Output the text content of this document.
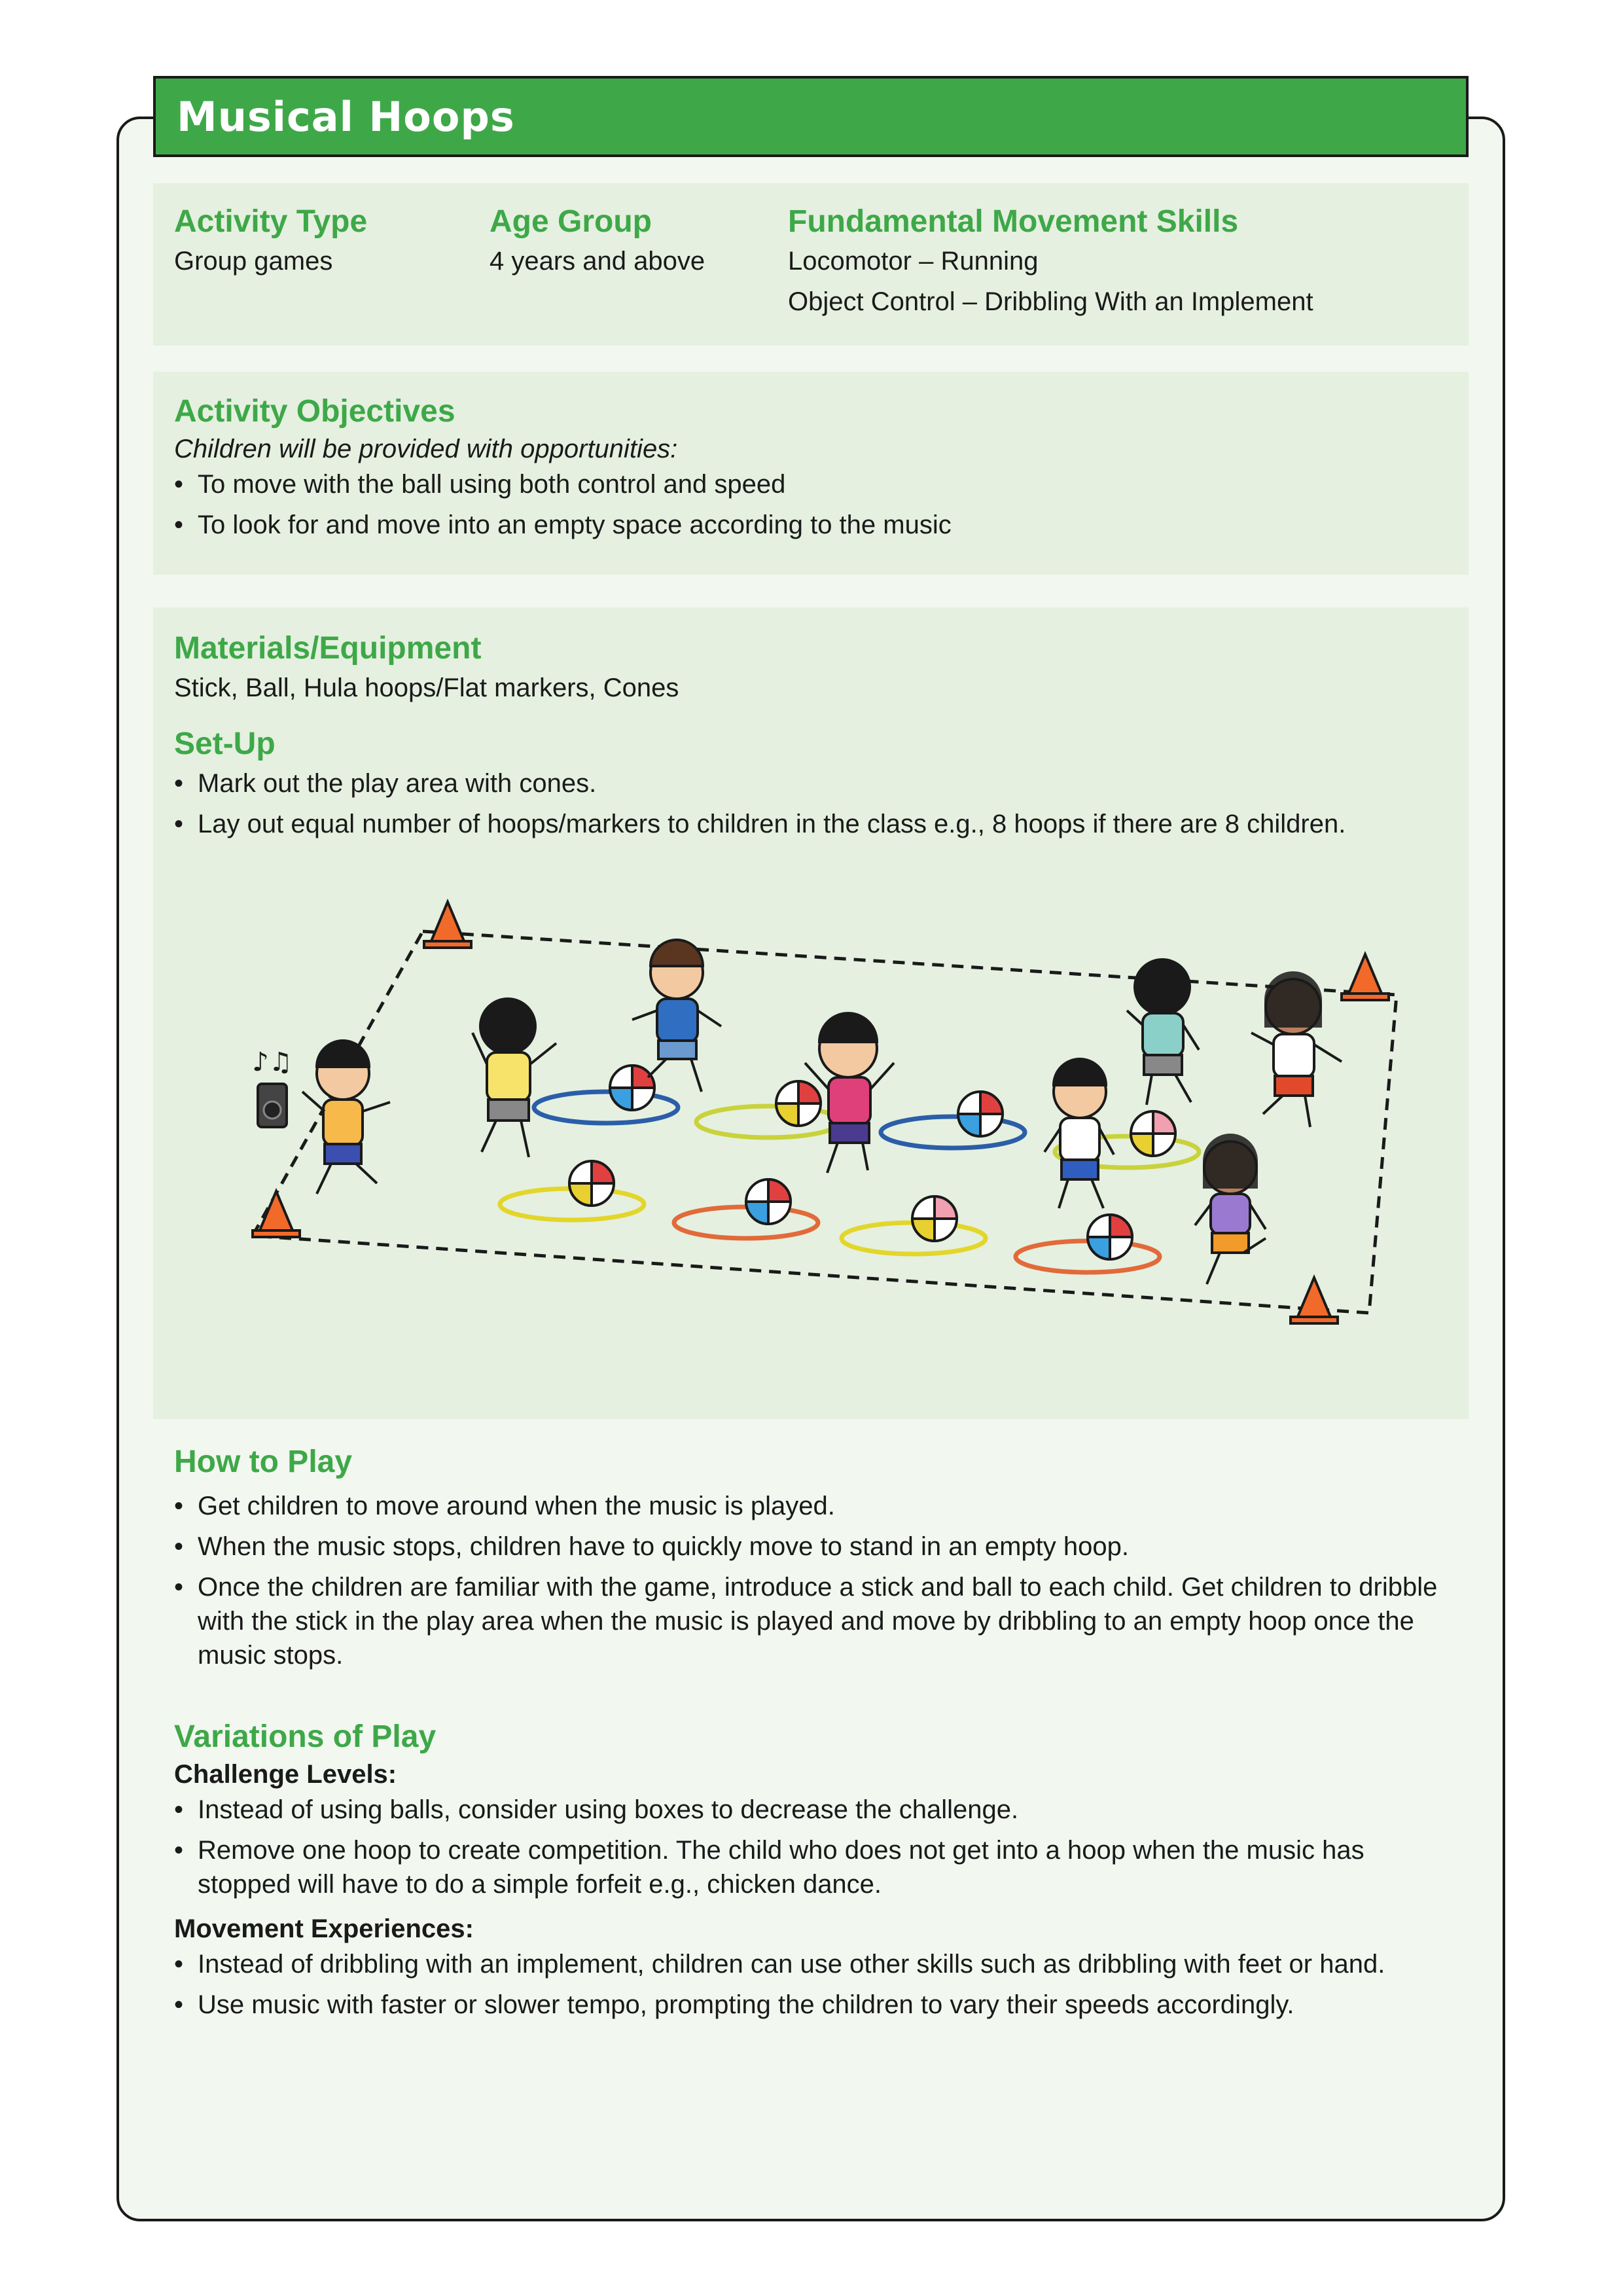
Musical Hoops

Activity Type

Group games

Age Group

4 years and above

Fundamental Movement Skills

Locomotor – Running

Object Control – Dribbling With an Implement

Activity Objectives

Children will be provided with opportunities:

• To move with the ball using both control and speed
• To look for and move into an empty space according to the music

Materials/Equipment

Stick, Ball, Hula hoops/Flat markers, Cones

Set-Up

• Mark out the play area with cones.
• Lay out equal number of hoops/markers to children in the class e.g., 8 hoops if there are 8 children.
♪♫

How to Play

• Get children to move around when the music is played.
• When the music stops, children have to quickly move to stand in an empty hoop.
• Once the children are familiar with the game, introduce a stick and ball to each child. Get children to dribble with the stick in the play area when the music is played and move by dribbling to an empty hoop once the music stops.

Variations of Play

Challenge Levels:

• Instead of using balls, consider using boxes to decrease the challenge.
• Remove one hoop to create competition. The child who does not get into a hoop when the music has stopped will have to do a simple forfeit e.g., chicken dance.

Movement Experiences:

• Instead of dribbling with an implement, children can use other skills such as dribbling with feet or hand.
• Use music with faster or slower tempo, prompting the children to vary their speeds accordingly.
